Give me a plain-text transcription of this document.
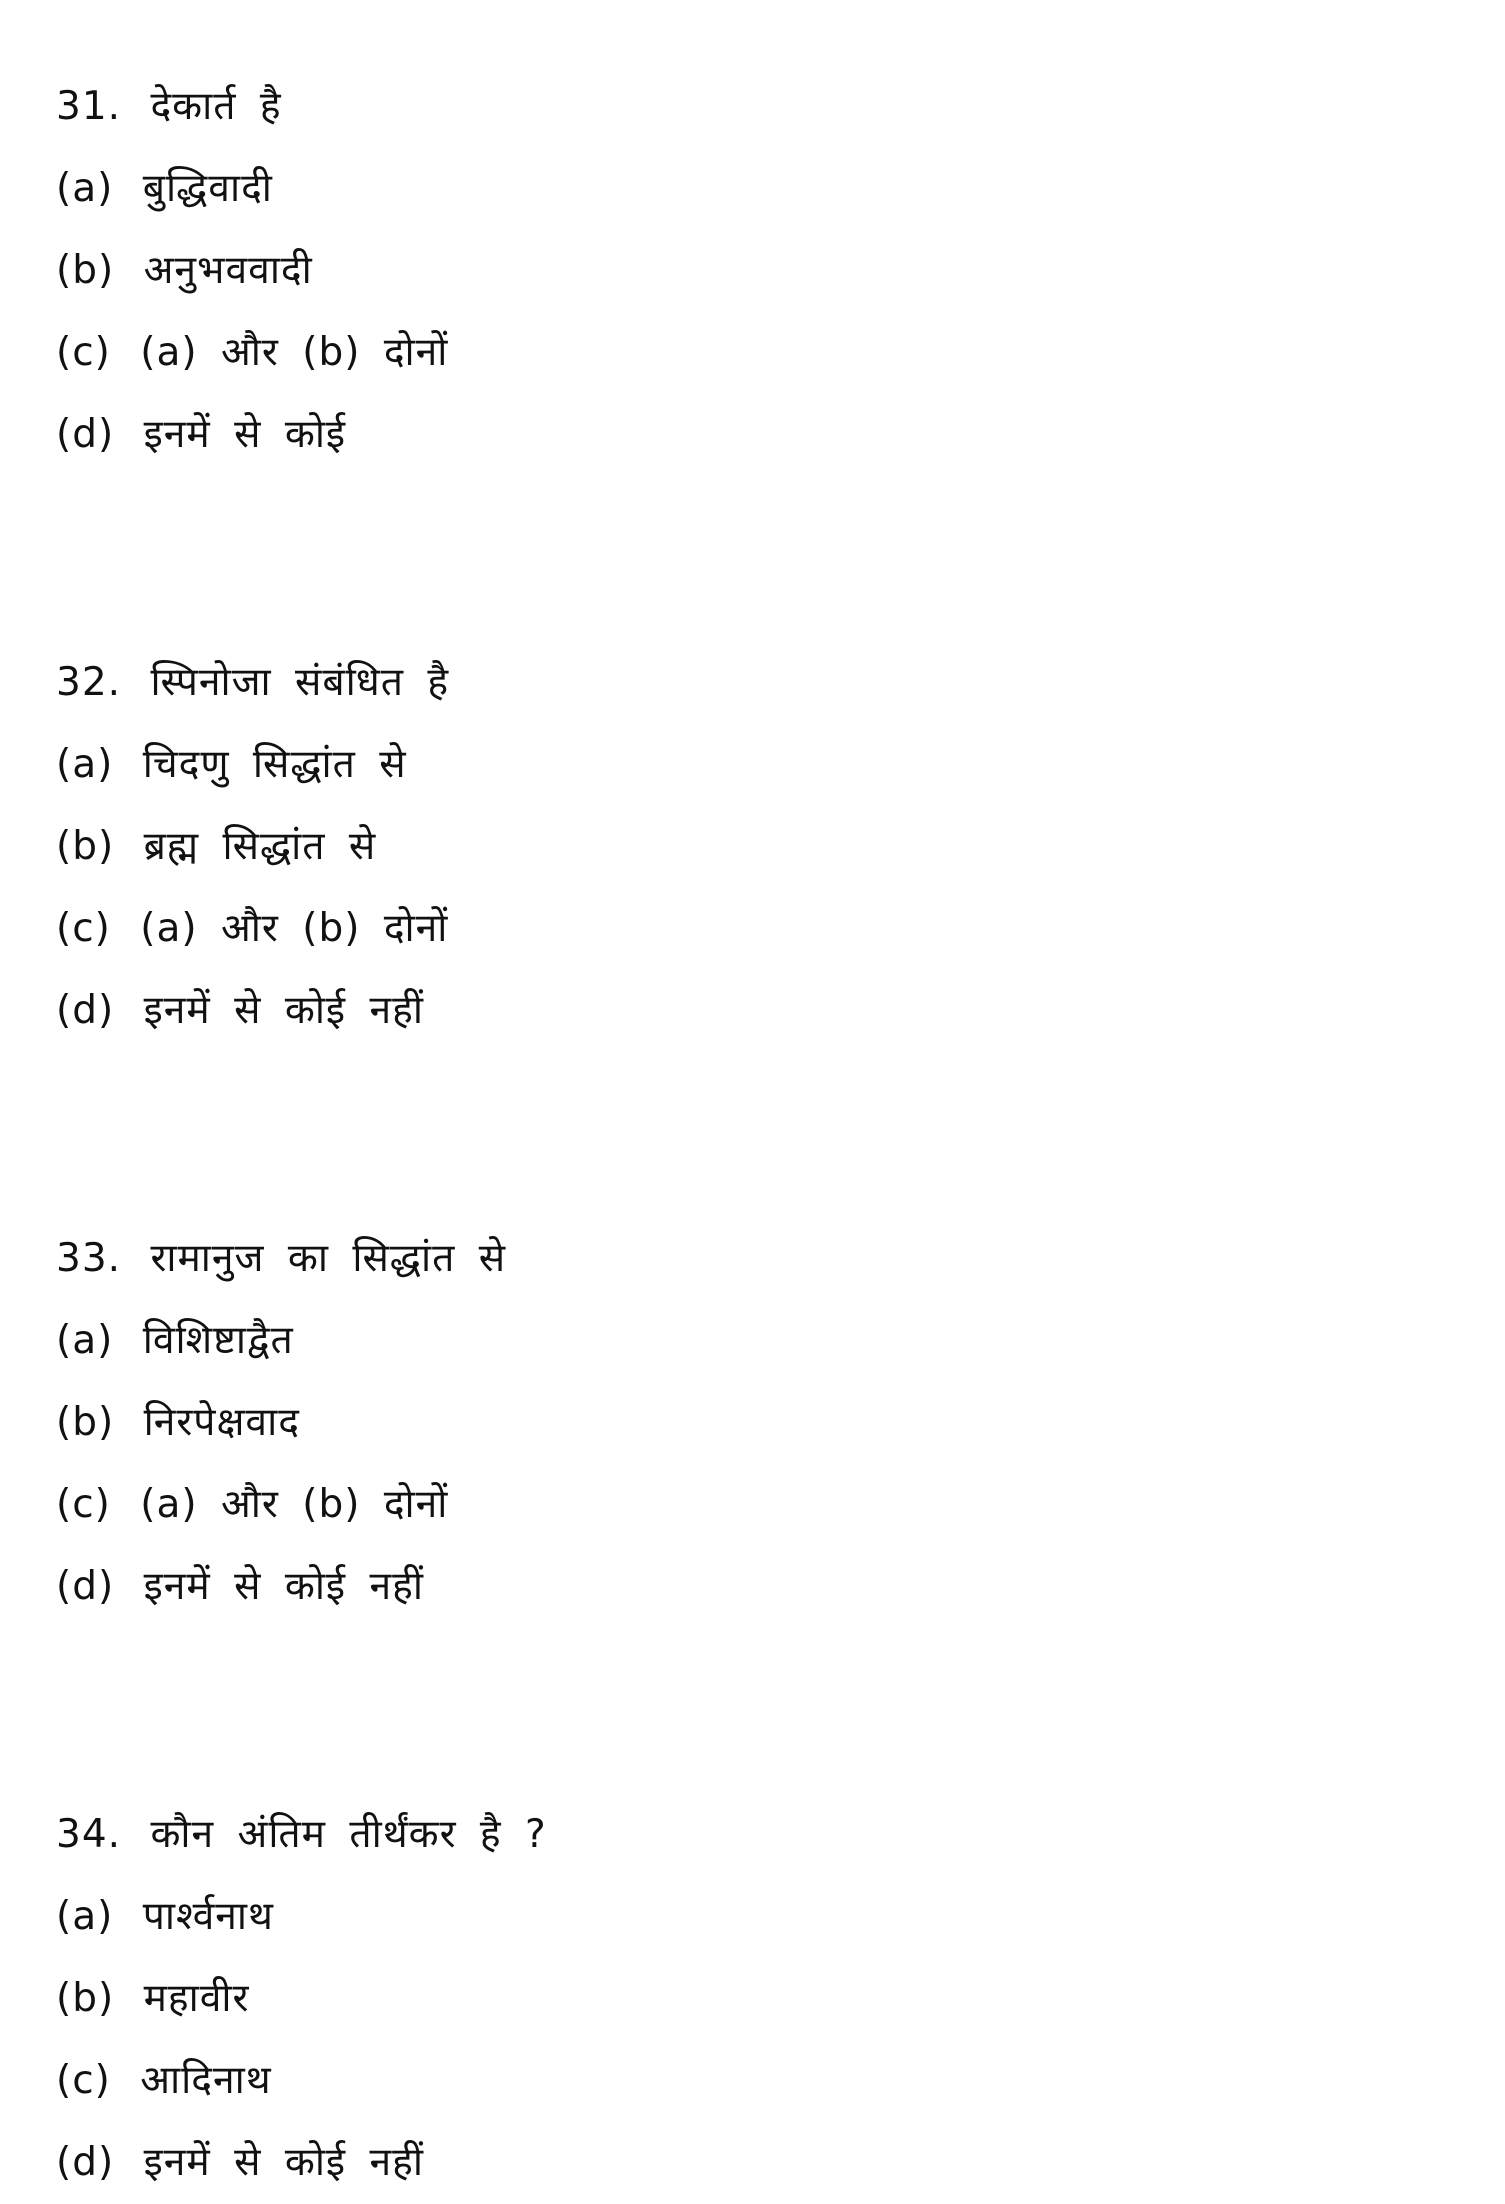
31. देकार्त है
(a) बुद्धिवादी
(b) अनुभववादी
(c) (a) और (b) दोनों
(d) इनमें से कोई
32. स्पिनोजा संबंधित है
(a) चिदणु सिद्धांत से
(b) ब्रह्म सिद्धांत से
(c) (a) और (b) दोनों
(d) इनमें से कोई नहीं
33. रामानुज का सिद्धांत से
(a) विशिष्टाद्वैत
(b) निरपेक्षवाद
(c) (a) और (b) दोनों
(d) इनमें से कोई नहीं
34. कौन अंतिम तीर्थंकर है ?
(a) पार्श्वनाथ
(b) महावीर
(c) आदिनाथ
(d) इनमें से कोई नहीं
